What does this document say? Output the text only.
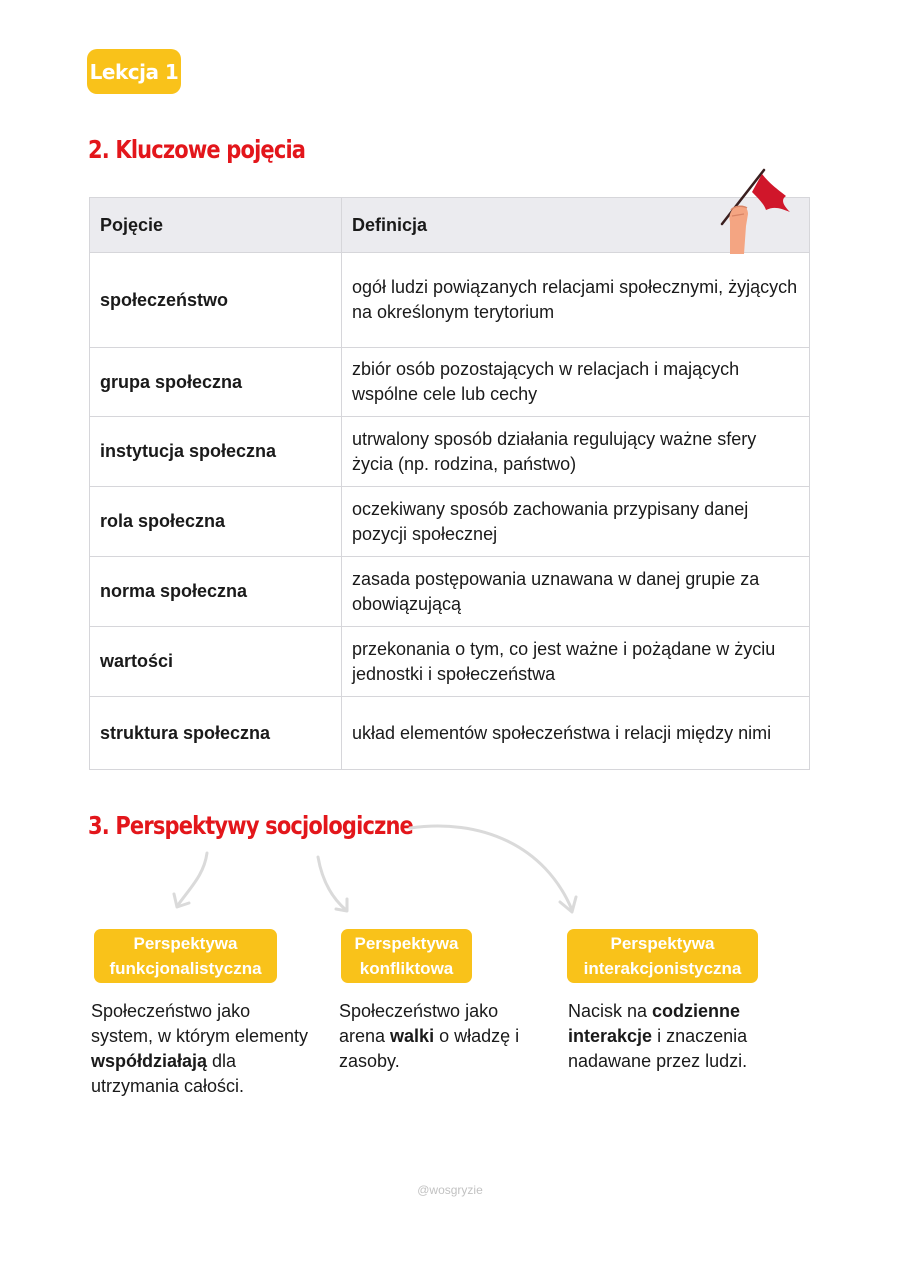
Lekcja 1
2. Kluczowe pojęcia
Pojęcie	Definicja
społeczeństwo	ogół ludzi powiązanych relacjami społecznymi, żyjących na określonym terytorium
grupa społeczna	zbiór osób pozostających w relacjach i mających wspólne cele lub cechy
instytucja społeczna	utrwalony sposób działania regulujący ważne sfery życia (np. rodzina, państwo)
rola społeczna	oczekiwany sposób zachowania przypisany danej pozycji społecznej
norma społeczna	zasada postępowania uznawana w danej grupie za obowiązującą
wartości	przekonania o tym, co jest ważne i pożądane w życiu jednostki i społeczeństwa
struktura społeczna	układ elementów społeczeństwa i relacji między nimi
3. Perspektywy socjologiczne
Perspektywa
funkcjonalistyczna
Perspektywa
konfliktowa
Perspektywa
interakcjonistyczna
Społeczeństwo jako system, w którym elementy współdziałają dla utrzymania całości.
Społeczeństwo jako arena walki o władzę i zasoby.
Nacisk na codzienne interakcje i znaczenia nadawane przez ludzi.
@wosgryzie
